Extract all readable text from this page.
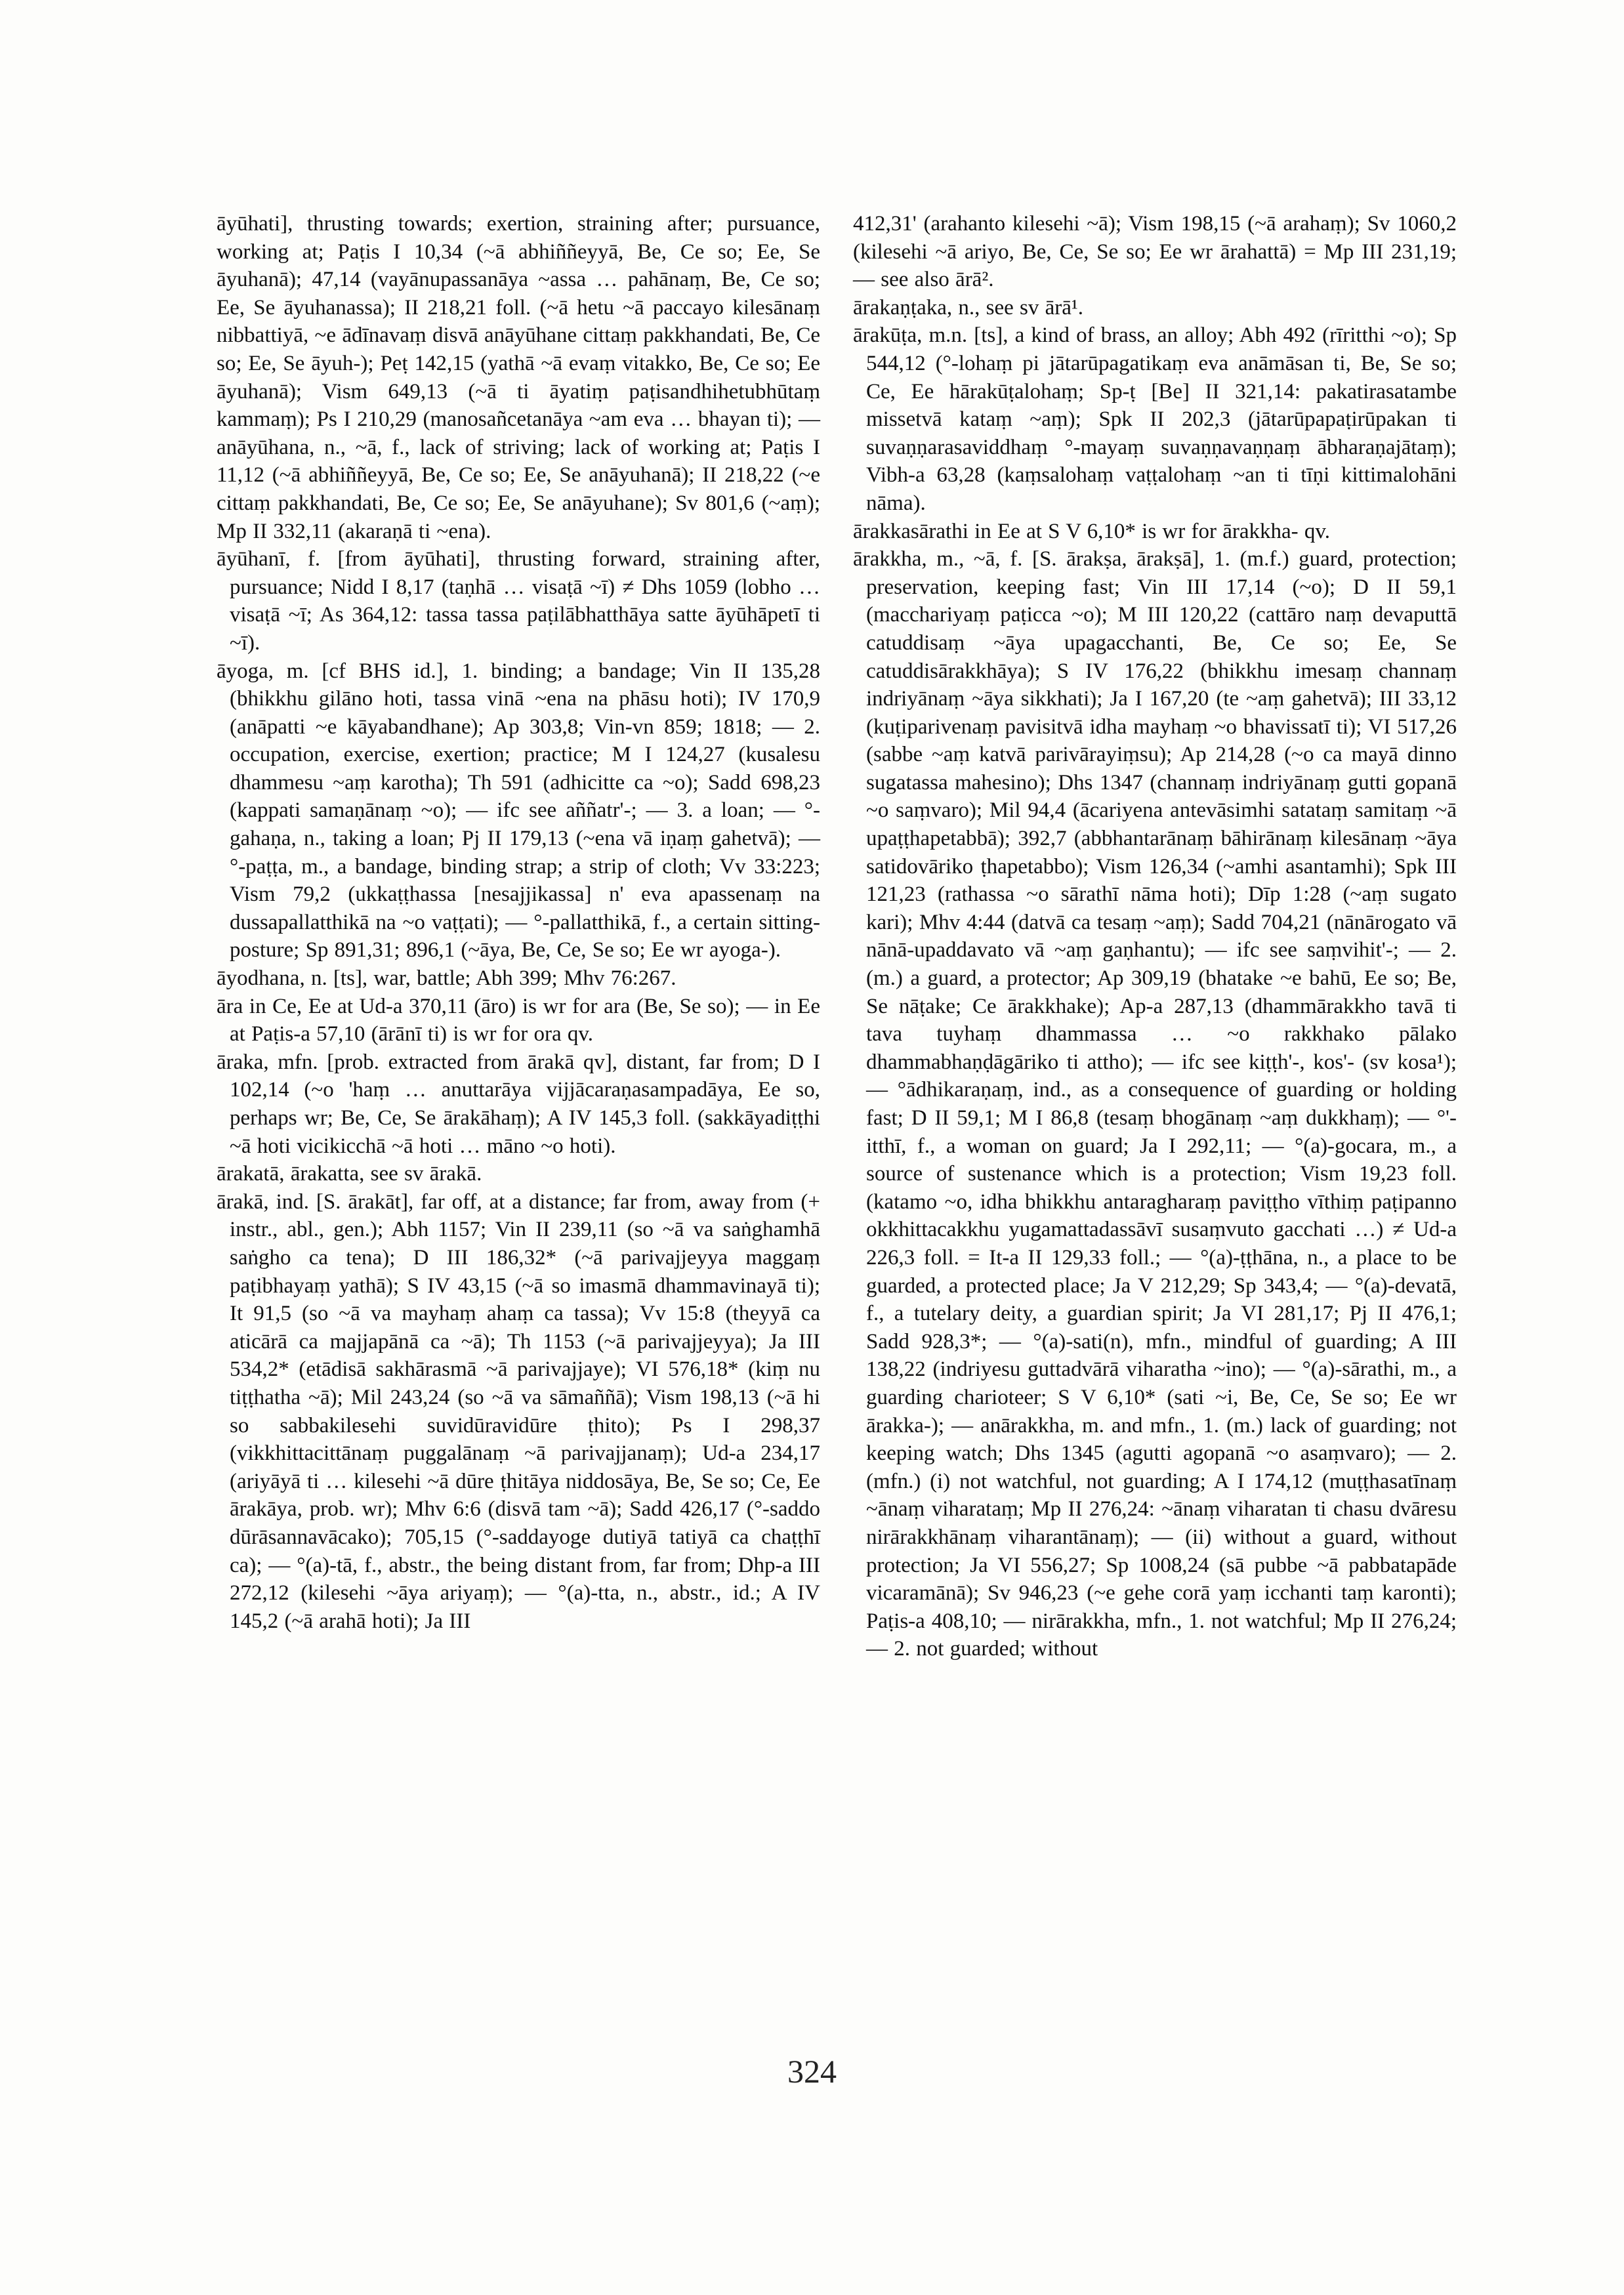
āyūhati], thrusting towards; exertion, straining after; pursuance, working at; Paṭis I 10,34 (~ā abhiññeyyā, Be, Ce so; Ee, Se āyuhanā); 47,14 (vayānupassanāya ~assa … pahānaṃ, Be, Ce so; Ee, Se āyuhanassa); II 218,21 foll. (~ā hetu ~ā paccayo kilesānaṃ nibbattiyā, ~e ādīnavaṃ disvā anāyūhane cittaṃ pakkhandati, Be, Ce so; Ee, Se āyuh-); Peṭ 142,15 (yathā ~ā evaṃ vitakko, Be, Ce so; Ee āyuhanā); Vism 649,13 (~ā ti āyatiṃ paṭisandhihetubhūtaṃ kammaṃ); Ps I 210,29 (manosañcetanāya ~am eva … bhayan ti); — anāyūhana, n., ~ā, f., lack of striving; lack of working at; Paṭis I 11,12 (~ā abhiññeyyā, Be, Ce so; Ee, Se anāyuhanā); II 218,22 (~e cittaṃ pakkhandati, Be, Ce so; Ee, Se anāyuhane); Sv 801,6 (~aṃ); Mp II 332,11 (akaraṇā ti ~ena).

āyūhanī, f. [from āyūhati], thrusting forward, straining after, pursuance; Nidd I 8,17 (taṇhā … visaṭā ~ī) ≠ Dhs 1059 (lobho … visaṭā ~ī; As 364,12: tassa tassa paṭilābhatthāya satte āyūhāpetī ti ~ī).

āyoga, m. [cf BHS id.], 1. binding; a bandage; Vin II 135,28 (bhikkhu gilāno hoti, tassa vinā ~ena na phāsu hoti); IV 170,9 (anāpatti ~e kāyabandhane); Ap 303,8; Vin-vn 859; 1818; — 2. occupation, exercise, exertion; practice; M I 124,27 (kusalesu dhammesu ~aṃ karotha); Th 591 (adhicitte ca ~o); Sadd 698,23 (kappati samaṇānaṃ ~o); — ifc see aññatr'-; — 3. a loan; — °-gahaṇa, n., taking a loan; Pj II 179,13 (~ena vā iṇaṃ gahetvā); — °-paṭṭa, m., a bandage, binding strap; a strip of cloth; Vv 33:223; Vism 79,2 (ukkaṭṭhassa [nesajjikassa] n' eva apassenaṃ na dussapallatthikā na ~o vaṭṭati); — °-pallatthikā, f., a certain sitting-posture; Sp 891,31; 896,1 (~āya, Be, Ce, Se so; Ee wr ayoga-).

āyodhana, n. [ts], war, battle; Abh 399; Mhv 76:267.

āra in Ce, Ee at Ud-a 370,11 (āro) is wr for ara (Be, Se so); — in Ee at Paṭis-a 57,10 (ārānī ti) is wr for ora qv.

āraka, mfn. [prob. extracted from ārakā qv], distant, far from; D I 102,14 (~o 'haṃ … anuttarāya vijjācaraṇasampadāya, Ee so, perhaps wr; Be, Ce, Se ārakāhaṃ); A IV 145,3 foll. (sakkāyadiṭṭhi ~ā hoti vicikicchā ~ā hoti … māno ~o hoti).

ārakatā, ārakatta, see sv ārakā.

ārakā, ind. [S. ārakāt], far off, at a distance; far from, away from (+ instr., abl., gen.); Abh 1157; Vin II 239,11 (so ~ā va saṅghamhā saṅgho ca tena); D III 186,32* (~ā parivajjeyya maggaṃ paṭibhayaṃ yathā); S IV 43,15 (~ā so imasmā dhammavinayā ti); It 91,5 (so ~ā va mayhaṃ ahaṃ ca tassa); Vv 15:8 (theyyā ca aticārā ca majjapānā ca ~ā); Th 1153 (~ā parivajjeyya); Ja III 534,2* (etādisā sakhārasmā ~ā parivajjaye); VI 576,18* (kiṃ nu tiṭṭhatha ~ā); Mil 243,24 (so ~ā va sāmaññā); Vism 198,13 (~ā hi so sabbakilesehi suvidūravidūre ṭhito); Ps I 298,37 (vikkhittacittānaṃ puggalānaṃ ~ā parivajjanaṃ); Ud-a 234,17 (ariyāyā ti … kilesehi ~ā dūre ṭhitāya niddosāya, Be, Se so; Ce, Ee ārakāya, prob. wr); Mhv 6:6 (disvā tam ~ā); Sadd 426,17 (°-saddo dūrāsannavācako); 705,15 (°-saddayoge dutiyā tatiyā ca chaṭṭhī ca); — °(a)-tā, f., abstr., the being distant from, far from; Dhp-a III 272,12 (kilesehi ~āya ariyaṃ); — °(a)-tta, n., abstr., id.; A IV 145,2 (~ā arahā hoti); Ja III

412,31' (arahanto kilesehi ~ā); Vism 198,15 (~ā arahaṃ); Sv 1060,2 (kilesehi ~ā ariyo, Be, Ce, Se so; Ee wr ārahattā) = Mp III 231,19; — see also ārā².

ārakaṇṭaka, n., see sv ārā¹.

ārakūṭa, m.n. [ts], a kind of brass, an alloy; Abh 492 (rīritthi ~o); Sp 544,12 (°-lohaṃ pi jātarūpagatikaṃ eva anāmāsan ti, Be, Se so; Ce, Ee hārakūṭalohaṃ; Sp-ṭ [Be] II 321,14: pakatirasatambe missetvā kataṃ ~aṃ); Spk II 202,3 (jātarūpapaṭirūpakan ti suvaṇṇarasaviddhaṃ °-mayaṃ suvaṇṇavaṇṇaṃ ābharaṇajātaṃ); Vibh-a 63,28 (kaṃsalohaṃ vaṭṭalohaṃ ~an ti tīṇi kittimalohāni nāma).

ārakkasārathi in Ee at S V 6,10* is wr for ārakkha- qv.

ārakkha, m., ~ā, f. [S. ārakṣa, ārakṣā], 1. (m.f.) guard, protection; preservation, keeping fast; Vin III 17,14 (~o); D II 59,1 (macchariyaṃ paṭicca ~o); M III 120,22 (cattāro naṃ devaputtā catuddisaṃ ~āya upagacchanti, Be, Ce so; Ee, Se catuddisārakkhāya); S IV 176,22 (bhikkhu imesaṃ channaṃ indriyānaṃ ~āya sikkhati); Ja I 167,20 (te ~aṃ gahetvā); III 33,12 (kuṭiparivenaṃ pavisitvā idha mayhaṃ ~o bhavissatī ti); VI 517,26 (sabbe ~aṃ katvā parivārayiṃsu); Ap 214,28 (~o ca mayā dinno sugatassa mahesino); Dhs 1347 (channaṃ indriyānaṃ gutti gopanā ~o saṃvaro); Mil 94,4 (ācariyena antevāsimhi satataṃ samitaṃ ~ā upaṭṭhapetabbā); 392,7 (abbhantarānaṃ bāhirānaṃ kilesānaṃ ~āya satidovāriko ṭhapetabbo); Vism 126,34 (~amhi asantamhi); Spk III 121,23 (rathassa ~o sārathī nāma hoti); Dīp 1:28 (~aṃ sugato kari); Mhv 4:44 (datvā ca tesaṃ ~aṃ); Sadd 704,21 (nānārogato vā nānā-upaddavato vā ~aṃ gaṇhantu); — ifc see saṃvihit'-; — 2. (m.) a guard, a protector; Ap 309,19 (bhatake ~e bahū, Ee so; Be, Se nāṭake; Ce ārakkhake); Ap-a 287,13 (dhammārakkho tavā ti tava tuyhaṃ dhammassa … ~o rakkhako pālako dhammabhaṇḍāgāriko ti attho); — ifc see kiṭṭh'-, kos'- (sv kosa¹); — °ādhikaraṇaṃ, ind., as a consequence of guarding or holding fast; D II 59,1; M I 86,8 (tesaṃ bhogānaṃ ~aṃ dukkhaṃ); — °'-itthī, f., a woman on guard; Ja I 292,11; — °(a)-gocara, m., a source of sustenance which is a protection; Vism 19,23 foll. (katamo ~o, idha bhikkhu antaragharaṃ paviṭṭho vīthiṃ paṭipanno okkhittacakkhu yugamattadassāvī susaṃvuto gacchati …) ≠ Ud-a 226,3 foll. = It-a II 129,33 foll.; — °(a)-ṭṭhāna, n., a place to be guarded, a protected place; Ja V 212,29; Sp 343,4; — °(a)-devatā, f., a tutelary deity, a guardian spirit; Ja VI 281,17; Pj II 476,1; Sadd 928,3*; — °(a)-sati(n), mfn., mindful of guarding; A III 138,22 (indriyesu guttadvārā viharatha ~ino); — °(a)-sārathi, m., a guarding charioteer; S V 6,10* (sati ~i, Be, Ce, Se so; Ee wr ārakka-); — anārakkha, m. and mfn., 1. (m.) lack of guarding; not keeping watch; Dhs 1345 (agutti agopanā ~o asaṃvaro); — 2. (mfn.) (i) not watchful, not guarding; A I 174,12 (muṭṭhasatīnaṃ ~ānaṃ viharataṃ; Mp II 276,24: ~ānaṃ viharatan ti chasu dvāresu nirārakkhānaṃ viharantānaṃ); — (ii) without a guard, without protection; Ja VI 556,27; Sp 1008,24 (sā pubbe ~ā pabbatapāde vicaramānā); Sv 946,23 (~e gehe corā yaṃ icchanti taṃ karonti); Paṭis-a 408,10; — nirārakkha, mfn., 1. not watchful; Mp II 276,24; — 2. not guarded; without

324
